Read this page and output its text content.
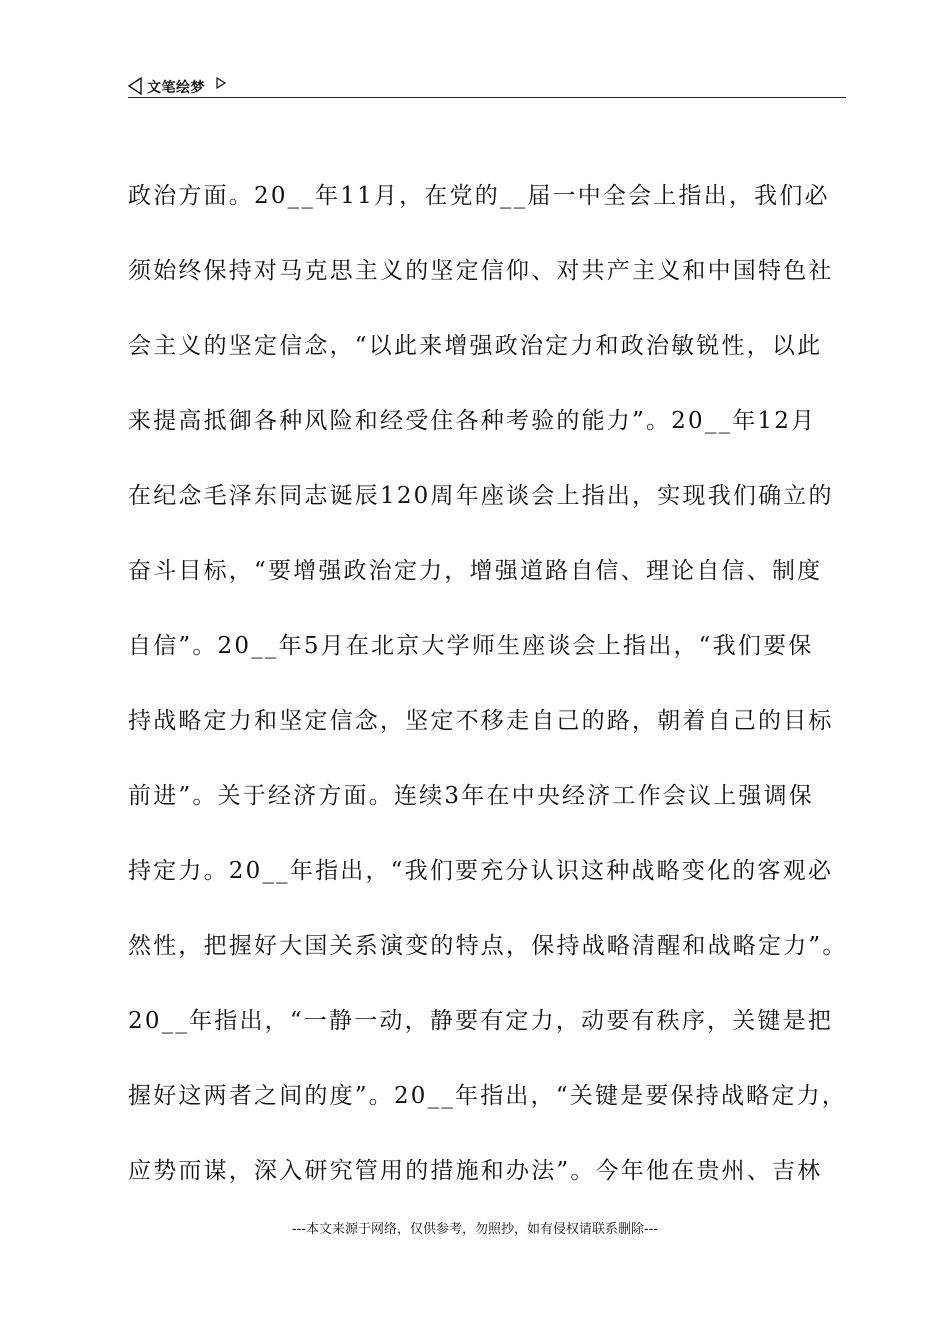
文笔绘梦
政治方面。20__年11月，在党的__届一中全会上指出，我们必
须始终保持对马克思主义的坚定信仰、对共产主义和中国特色社
会主义的坚定信念，“以此来增强政治定力和政治敏锐性，以此
来提高抵御各种风险和经受住各种考验的能力”。20__年12月
在纪念毛泽东同志诞辰120周年座谈会上指出，实现我们确立的
奋斗目标，“要增强政治定力，增强道路自信、理论自信、制度
自信”。20__年5月在北京大学师生座谈会上指出，“我们要保
持战略定力和坚定信念，坚定不移走自己的路，朝着自己的目标
前进”。关于经济方面。连续3年在中央经济工作会议上强调保
持定力。20__年指出，“我们要充分认识这种战略变化的客观必
然性，把握好大国关系演变的特点，保持战略清醒和战略定力”。
20__年指出，“一静一动，静要有定力，动要有秩序，关键是把
握好这两者之间的度”。20__年指出，“关键是要保持战略定力，
应势而谋，深入研究管用的措施和办法”。今年他在贵州、吉林
---本文来源于网络，仅供参考，勿照抄，如有侵权请联系删除---
